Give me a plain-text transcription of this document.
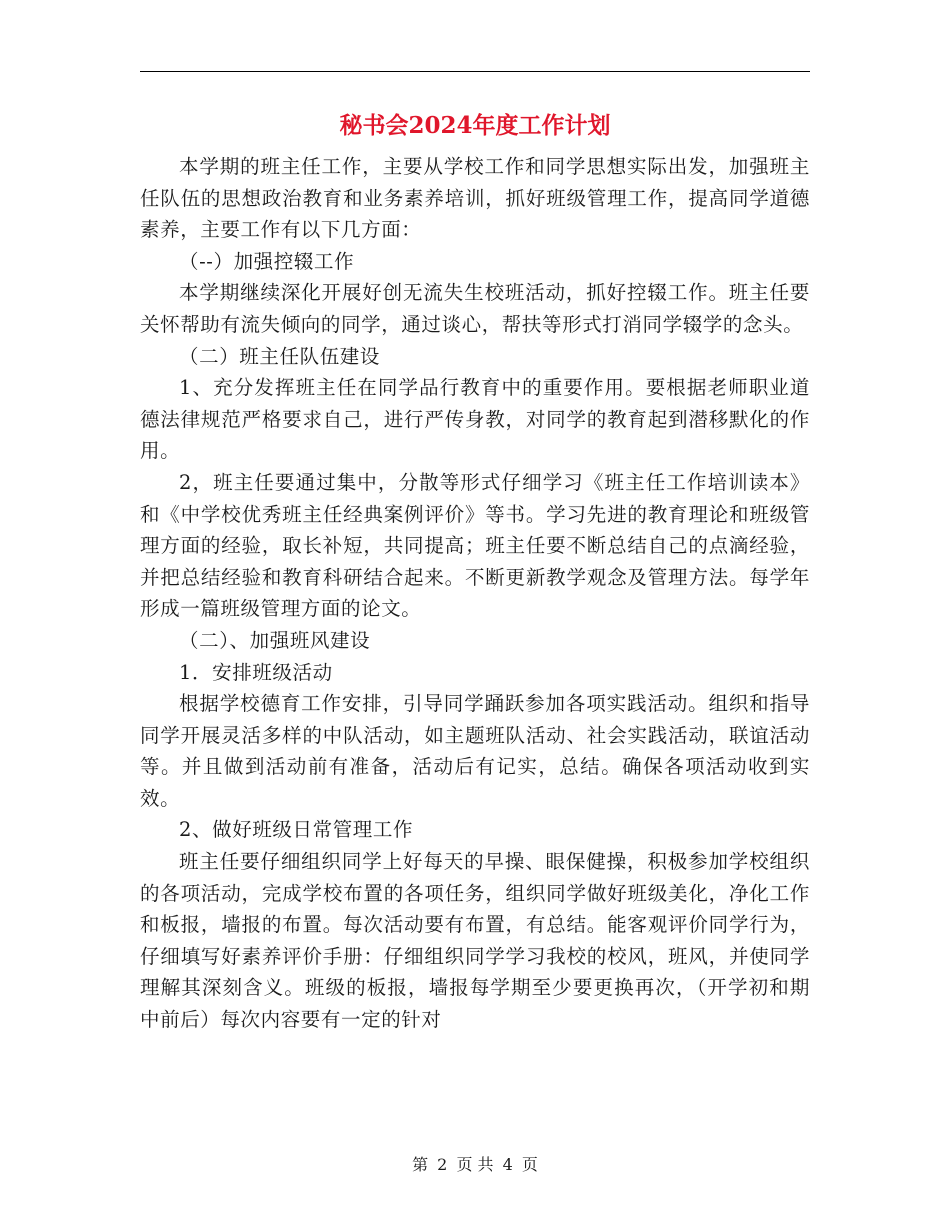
秘书会2024年度工作计划

本学期的班主任工作，主要从学校工作和同学思想实际出发，加强班主任队伍的思想政治教育和业务素养培训，抓好班级管理工作，提高同学道德素养，主要工作有以下几方面：

（--）加强控辍工作

本学期继续深化开展好创无流失生校班活动，抓好控辍工作。班主任要关怀帮助有流失倾向的同学，通过谈心，帮扶等形式打消同学辍学的念头。

（二）班主任队伍建设

1、充分发挥班主任在同学品行教育中的重要作用。要根据老师职业道德法律规范严格要求自己，进行严传身教，对同学的教育起到潜移默化的作用。

2，班主任要通过集中，分散等形式仔细学习《班主任工作培训读本》和《中学校优秀班主任经典案例评价》等书。学习先进的教育理论和班级管理方面的经验，取长补短，共同提高；班主任要不断总结自己的点滴经验，并把总结经验和教育科研结合起来。不断更新教学观念及管理方法。每学年形成一篇班级管理方面的论文。

（二）、加强班风建设

1．安排班级活动

根据学校德育工作安排，引导同学踊跃参加各项实践活动。组织和指导同学开展灵活多样的中队活动，如主题班队活动、社会实践活动，联谊活动等。并且做到活动前有准备，活动后有记实，总结。确保各项活动收到实效。

2、做好班级日常管理工作

班主任要仔细组织同学上好每天的早操、眼保健操，积极参加学校组织的各项活动，完成学校布置的各项任务，组织同学做好班级美化，净化工作和板报，墙报的布置。每次活动要有布置，有总结。能客观评价同学行为，仔细填写好素养评价手册：仔细组织同学学习我校的校风，班风，并使同学理解其深刻含义。班级的板报，墙报每学期至少要更换再次，（开学初和期中前后）每次内容要有一定的针对

第 2 页 共 4 页
